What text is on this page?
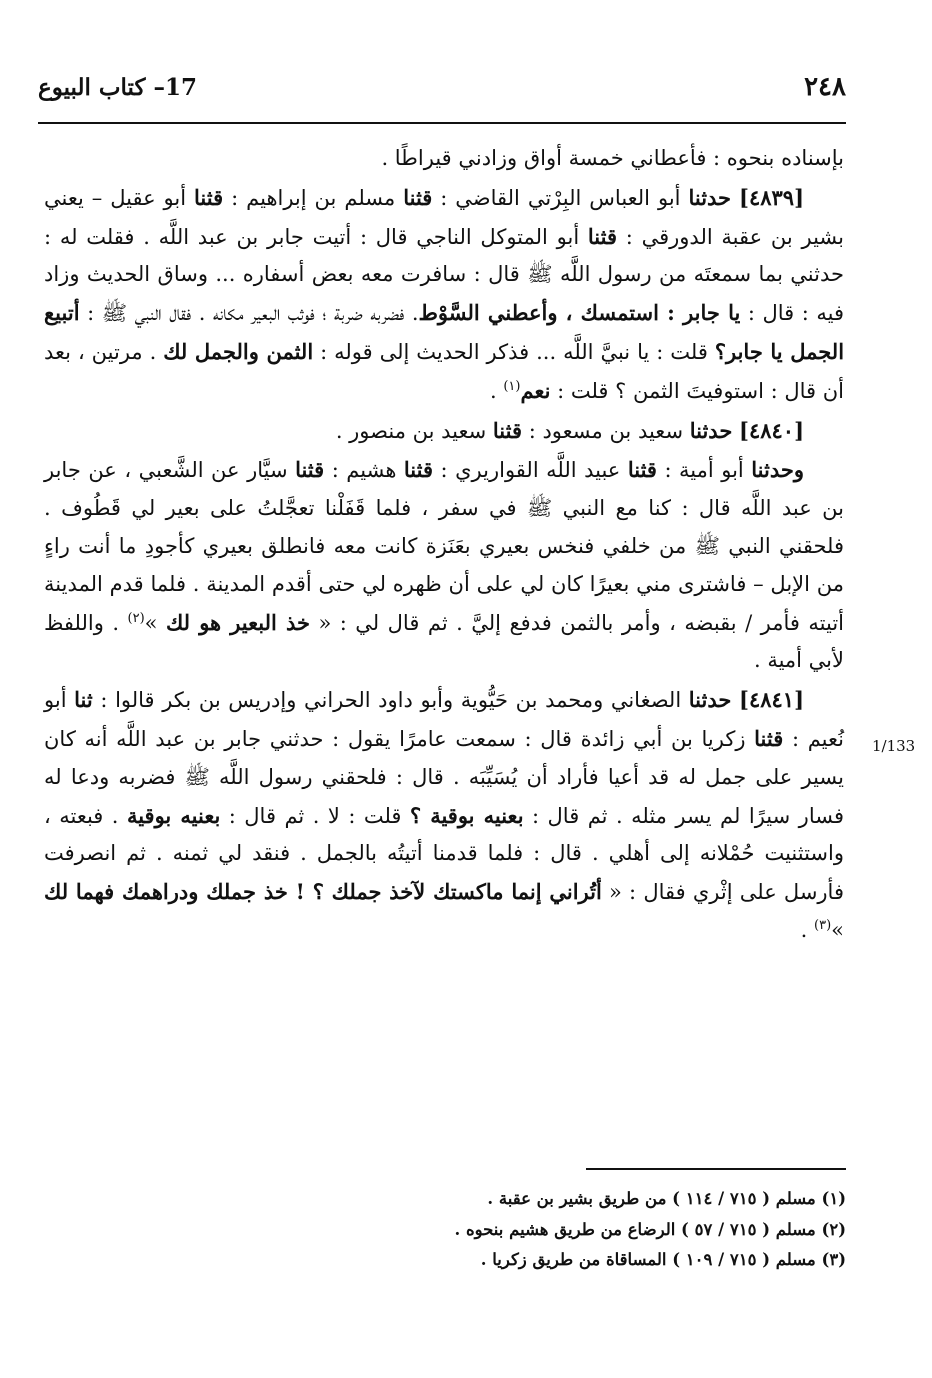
٢٤٨
17– كتاب البيوع
1/133

بإسناده بنحوه : فأعطاني خمسة أواق وزادني قيراطًا .

[٤٨٣٩] حدثنا أبو العباس البِرْتي القاضي : قثنا مسلم بن إبراهيم : قثنا أبو عقيل – يعني بشير بن عقبة الدورقي : قثنا أبو المتوكل الناجي قال : أتيت جابر بن عبد اللَّه . فقلت له : حدثني بما سمعتَه من رسول اللَّه ﷺ قال : سافرت معه بعض أسفاره ... وساق الحديث وزاد فيه : قال : يا جابر : استمسك ، وأعطني السَّوْط. فضربه ضربة ؛ فوثب البعير مكانه . فقال النبي ﷺ : أتبيع الجمل يا جابر؟ قلت : يا نبيَّ اللَّه ... فذكر الحديث إلى قوله : الثمن والجمل لك . مرتين ، بعد أن قال : استوفيتَ الثمن ؟ قلت : نعم$^{(١)}$ .

[٤٨٤٠] حدثنا سعيد بن مسعود : قثنا سعيد بن منصور .

وحدثنا أبو أمية : قثنا عبيد اللَّه القواريري : قثنا هشيم : قثنا سيَّار عن الشَّعبي ، عن جابر بن عبد اللَّه قال : كنا مع النبي ﷺ في سفر ، فلما قَفَلْنا تعجَّلتُ على بعير لي قَطُوف . فلحقني النبي ﷺ من خلفي فنخس بعيري بعَنَزة كانت معه فانطلق بعيري كأجودِ ما أنت راءٍ من الإبل – فاشترى مني بعيرًا كان لي على أن ظهره لي حتى أقدم المدينة . فلما قدم المدينة أتيته فأمر / بقبضه ، وأمر بالثمن فدفع إليَّ . ثم قال لي : « خذ البعير هو لك »$^{(٢)}$ . واللفظ لأبي أمية .

[٤٨٤١] حدثنا الصغاني ومحمد بن حَيُّوية وأبو داود الحراني وإدريس بن بكر قالوا : ثنا أبو نُعيم : قثنا زكريا بن أبي زائدة قال : سمعت عامرًا يقول : حدثني جابر بن عبد اللَّه أنه كان يسير على جمل له قد أعيا فأراد أن يُسَيِّبَه . قال : فلحقني رسول اللَّه ﷺ فضربه ودعا له فسار سيرًا لم يسر مثله . ثم قال : بعنيه بوقية ؟ قلت : لا . ثم قال : بعنيه بوقية . فبعته ، واستثنيت حُمْلانه إلى أهلي . قال : فلما قدمنا أتيتُه بالجمل . فنقد لي ثمنه . ثم انصرفت فأرسل على إثْري فقال : « أتُراني إنما ماكستك لآخذ جملك ؟ ! خذ جملك ودراهمك فهما لك »$^{(٣)}$ .

(١) مسلم ( ٧١٥ / ١١٤ ) من طريق بشير بن عقبة .

(٢) مسلم ( ٧١٥ / ٥٧ ) الرضاع من طريق هشيم بنحوه .

(٣) مسلم ( ٧١٥ / ١٠٩ ) المساقاة من طريق زكريا .
